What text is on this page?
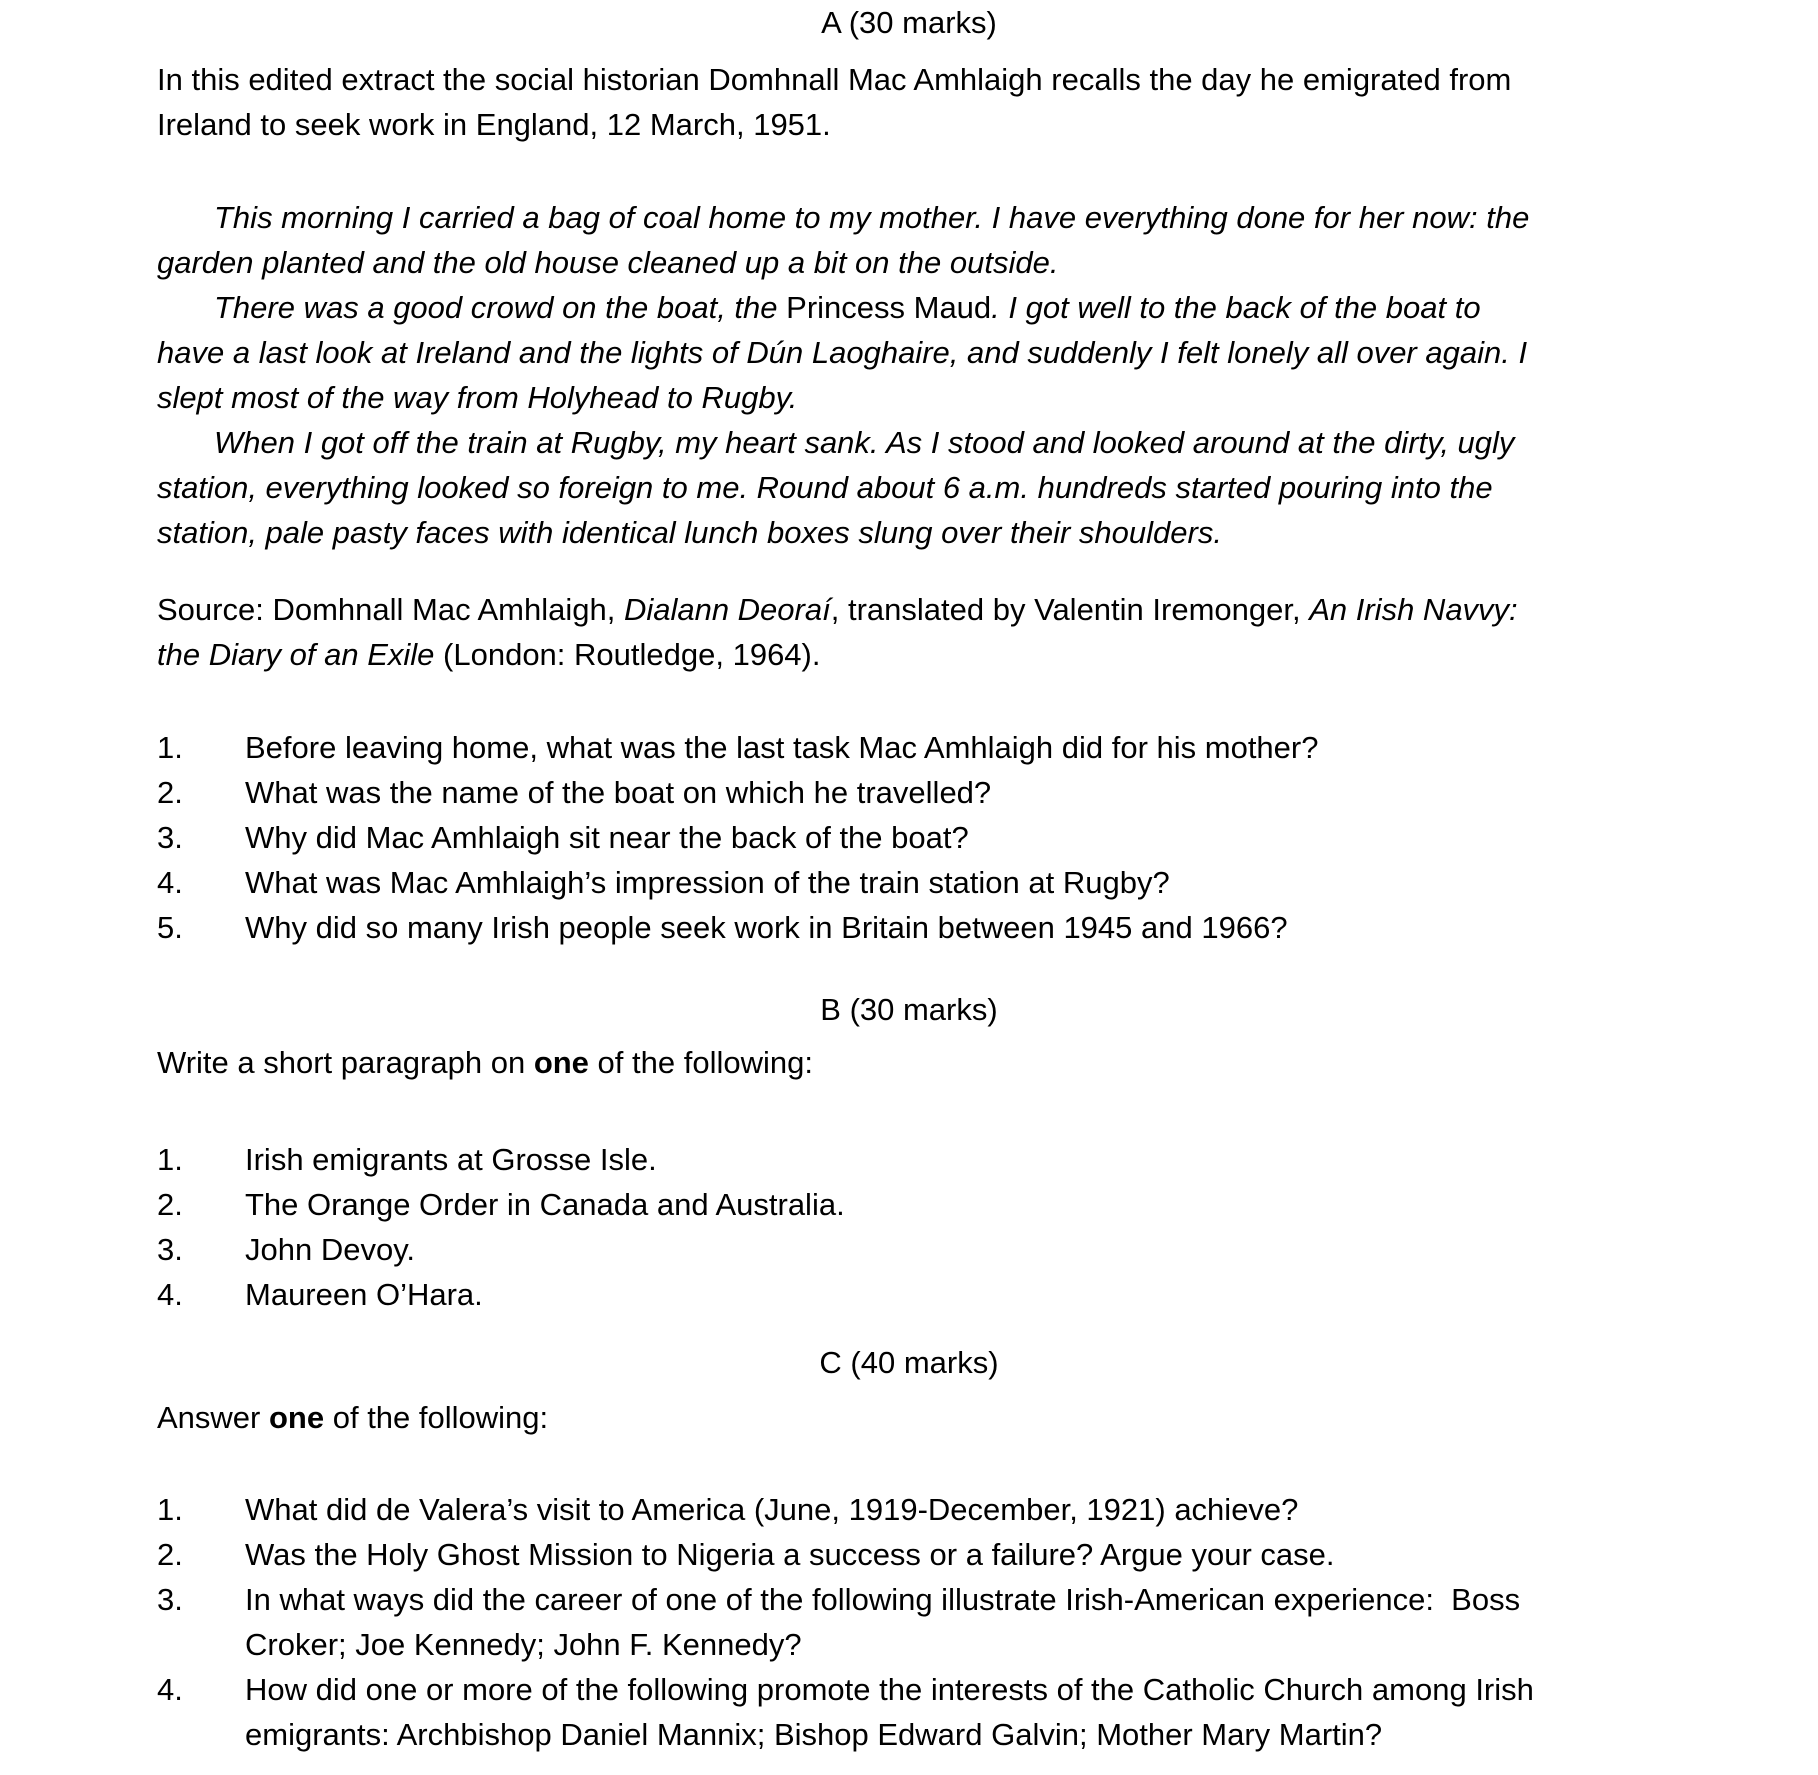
A (30 marks)
In this edited extract the social historian Domhnall Mac Amhlaigh recalls the day he emigrated from
Ireland to seek work in England, 12 March, 1951.
This morning I carried a bag of coal home to my mother. I have everything done for her now: the
garden planted and the old house cleaned up a bit on the outside.
There was a good crowd on the boat, the Princess Maud. I got well to the back of the boat to
have a last look at Ireland and the lights of Dún Laoghaire, and suddenly I felt lonely all over again. I
slept most of the way from Holyhead to Rugby.
When I got off the train at Rugby, my heart sank. As I stood and looked around at the dirty, ugly
station, everything looked so foreign to me. Round about 6 a.m. hundreds started pouring into the
station, pale pasty faces with identical lunch boxes slung over their shoulders.
Source: Domhnall Mac Amhlaigh, Dialann Deoraí, translated by Valentin Iremonger, An Irish Navvy:
the Diary of an Exile (London: Routledge, 1964).
1.	Before leaving home, what was the last task Mac Amhlaigh did for his mother?
2.	What was the name of the boat on which he travelled?
3.	Why did Mac Amhlaigh sit near the back of the boat?
4.	What was Mac Amhlaigh’s impression of the train station at Rugby?
5.	Why did so many Irish people seek work in Britain between 1945 and 1966?
B (30 marks)
Write a short paragraph on one of the following:
1.	Irish emigrants at Grosse Isle.
2.	The Orange Order in Canada and Australia.
3.	John Devoy.
4.	Maureen O’Hara.
C (40 marks)
Answer one of the following:
1.	What did de Valera’s visit to America (June, 1919-December, 1921) achieve?
2.	Was the Holy Ghost Mission to Nigeria a success or a failure? Argue your case.
3.	In what ways did the career of one of the following illustrate Irish-American experience:  Boss
Croker; Joe Kennedy; John F. Kennedy?
4.	How did one or more of the following promote the interests of the Catholic Church among Irish
emigrants: Archbishop Daniel Mannix; Bishop Edward Galvin; Mother Mary Martin?
